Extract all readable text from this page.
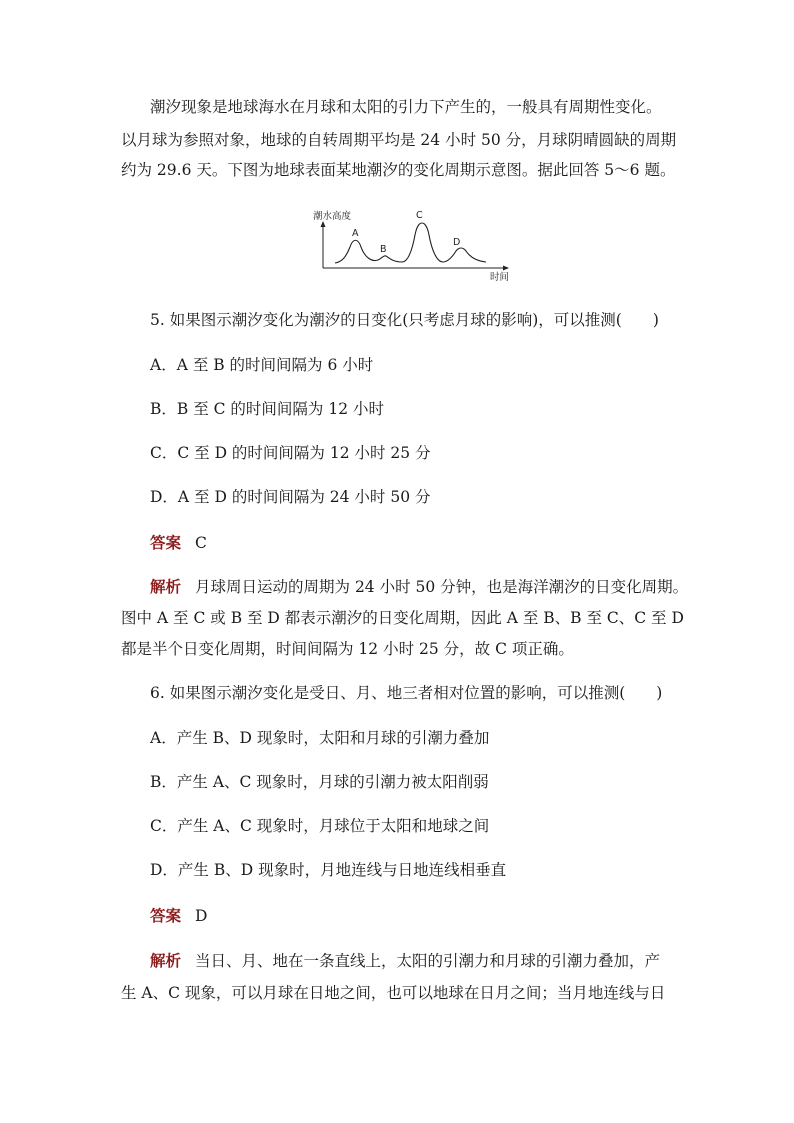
潮汐现象是地球海水在月球和太阳的引力下产生的，一般具有周期性变化。
以月球为参照对象，地球的自转周期平均是 24 小时 50 分，月球阴晴圆缺的周期
约为 29.6 天。下图为地球表面某地潮汐的变化周期示意图。据此回答 5～6 题。
潮水高度
时间
A
B
C
D
5. 如果图示潮汐变化为潮汐的日变化(只考虑月球的影响)，可以推测(　　)
A．A 至 B 的时间间隔为 6 小时
B．B 至 C 的时间间隔为 12 小时
C．C 至 D 的时间间隔为 12 小时 25 分
D．A 至 D 的时间间隔为 24 小时 50 分
答案 C
解析 月球周日运动的周期为 24 小时 50 分钟，也是海洋潮汐的日变化周期。
图中 A 至 C 或 B 至 D 都表示潮汐的日变化周期，因此 A 至 B、B 至 C、C 至 D
都是半个日变化周期，时间间隔为 12 小时 25 分，故 C 项正确。
6. 如果图示潮汐变化是受日、月、地三者相对位置的影响，可以推测(　　)
A．产生 B、D 现象时，太阳和月球的引潮力叠加
B．产生 A、C 现象时，月球的引潮力被太阳削弱
C．产生 A、C 现象时，月球位于太阳和地球之间
D．产生 B、D 现象时，月地连线与日地连线相垂直
答案 D
解析 当日、月、地在一条直线上，太阳的引潮力和月球的引潮力叠加，产
生 A、C 现象，可以月球在日地之间，也可以地球在日月之间；当月地连线与日
